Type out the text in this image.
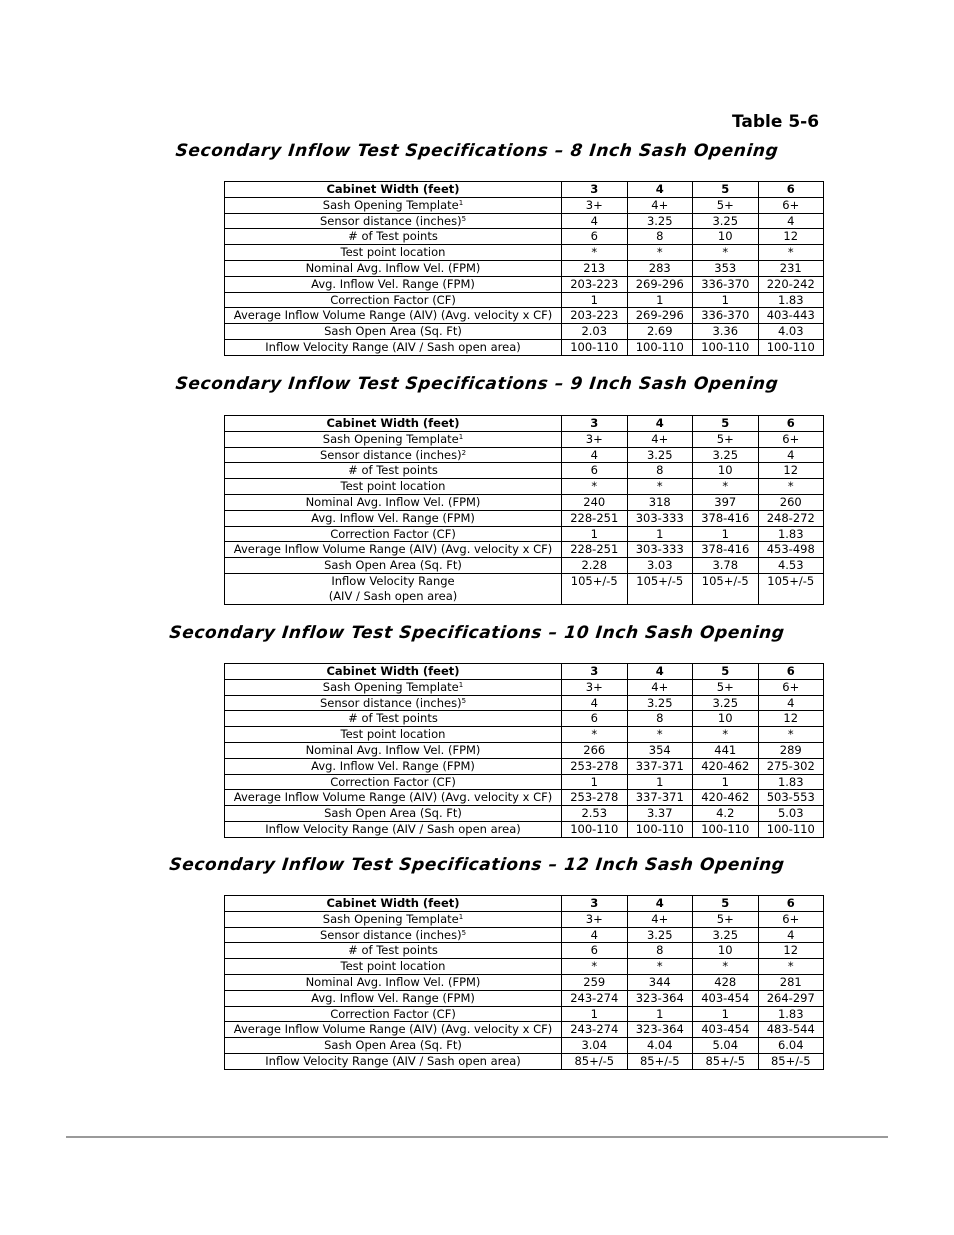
Table 5-6
Secondary Inflow Test Specifications – 8 Inch Sash Opening
Cabinet Width (feet)	3	4	5	6
Sash Opening Template$^1$	3+	4+	5+	6+
Sensor distance (inches)$^5$	4	3.25	3.25	4
# of Test points	6	8	10	12
Test point location	*	*	*	*
Nominal Avg. Inflow Vel. (FPM)	213	283	353	231
Avg. Inflow Vel. Range (FPM)	203-223	269-296	336-370	220-242
Correction Factor (CF)	1	1	1	1.83
Average Inflow Volume Range (AIV) (Avg. velocity x CF)	203-223	269-296	336-370	403-443
Sash Open Area (Sq. Ft)	2.03	2.69	3.36	4.03
Inflow Velocity Range (AIV / Sash open area)	100-110	100-110	100-110	100-110
Secondary Inflow Test Specifications – 9 Inch Sash Opening
Cabinet Width (feet)	3	4	5	6
Sash Opening Template$^1$	3+	4+	5+	6+
Sensor distance (inches)$^2$	4	3.25	3.25	4
# of Test points	6	8	10	12
Test point location	*	*	*	*
Nominal Avg. Inflow Vel. (FPM)	240	318	397	260
Avg. Inflow Vel. Range (FPM)	228-251	303-333	378-416	248-272
Correction Factor (CF)	1	1	1	1.83
Average Inflow Volume Range (AIV) (Avg. velocity x CF)	228-251	303-333	378-416	453-498
Sash Open Area (Sq. Ft)	2.28	3.03	3.78	4.53
Inflow Velocity Range
(AIV / Sash open area)	105+/-5	105+/-5	105+/-5	105+/-5
Secondary Inflow Test Specifications – 10 Inch Sash Opening
Cabinet Width (feet)	3	4	5	6
Sash Opening Template$^1$	3+	4+	5+	6+
Sensor distance (inches)$^5$	4	3.25	3.25	4
# of Test points	6	8	10	12
Test point location	*	*	*	*
Nominal Avg. Inflow Vel. (FPM)	266	354	441	289
Avg. Inflow Vel. Range (FPM)	253-278	337-371	420-462	275-302
Correction Factor (CF)	1	1	1	1.83
Average Inflow Volume Range (AIV) (Avg. velocity x CF)	253-278	337-371	420-462	503-553
Sash Open Area (Sq. Ft)	2.53	3.37	4.2	5.03
Inflow Velocity Range (AIV / Sash open area)	100-110	100-110	100-110	100-110
Secondary Inflow Test Specifications – 12 Inch Sash Opening
Cabinet Width (feet)	3	4	5	6
Sash Opening Template$^1$	3+	4+	5+	6+
Sensor distance (inches)$^5$	4	3.25	3.25	4
# of Test points	6	8	10	12
Test point location	*	*	*	*
Nominal Avg. Inflow Vel. (FPM)	259	344	428	281
Avg. Inflow Vel. Range (FPM)	243-274	323-364	403-454	264-297
Correction Factor (CF)	1	1	1	1.83
Average Inflow Volume Range (AIV) (Avg. velocity x CF)	243-274	323-364	403-454	483-544
Sash Open Area (Sq. Ft)	3.04	4.04	5.04	6.04
Inflow Velocity Range (AIV / Sash open area)	85+/-5	85+/-5	85+/-5	85+/-5
